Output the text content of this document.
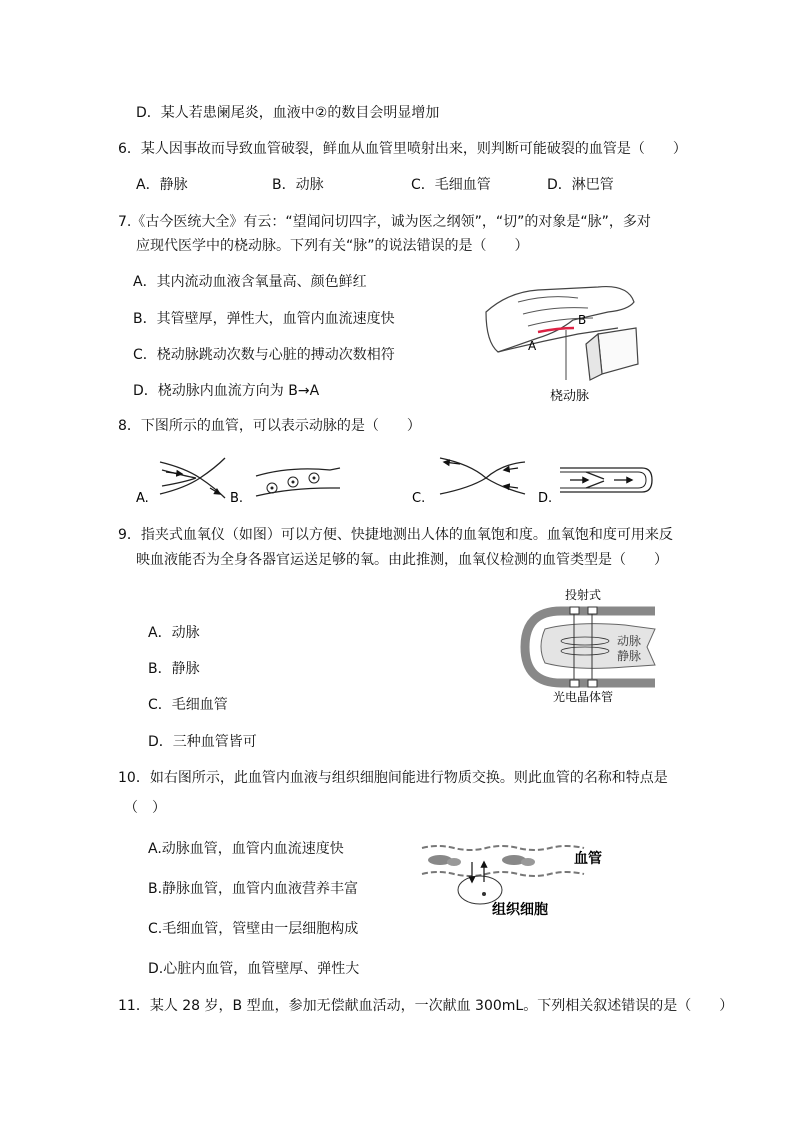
D．某人若患阑尾炎，血液中②的数目会明显增加
6．某人因事故而导致血管破裂，鲜血从血管里喷射出来，则判断可能破裂的血管是（　　）
A．静脉	B．动脉	C．毛细血管	D．淋巴管
7.《古今医统大全》有云：“望闻问切四字，诚为医之纲领”，“切”的对象是“脉”，多对
应现代医学中的桡动脉。下列有关“脉”的说法错误的是（　　）
A．其内流动血液含氧量高、颜色鲜红
B．其管壁厚，弹性大，血管内血流速度快
C．桡动脉跳动次数与心脏的搏动次数相符
D．桡动脉内血流方向为 B→A
A
B
桡动脉
8．下图所示的血管，可以表示动脉的是（　　）
A.	B.	C.	D.
9．指夹式血氧仪（如图）可以方便、快捷地测出人体的血氧饱和度。血氧饱和度可用来反
映血液能否为全身各器官运送足够的氧。由此推测，血氧仪检测的血管类型是（　　）
A．动脉
B．静脉
C．毛细血管
D．三种血管皆可
投射式
动脉
静脉
光电晶体管
10．如右图所示，此血管内血液与组织细胞间能进行物质交换。则此血管的名称和特点是
（　）
A.动脉血管，血管内血流速度快
B.静脉血管，血管内血液营养丰富
C.毛细血管，管壁由一层细胞构成
D.心脏内血管，血管壁厚、弹性大
血管
组织细胞
11．某人 28 岁，B 型血，参加无偿献血活动，一次献血 300mL。下列相关叙述错误的是（　　）
